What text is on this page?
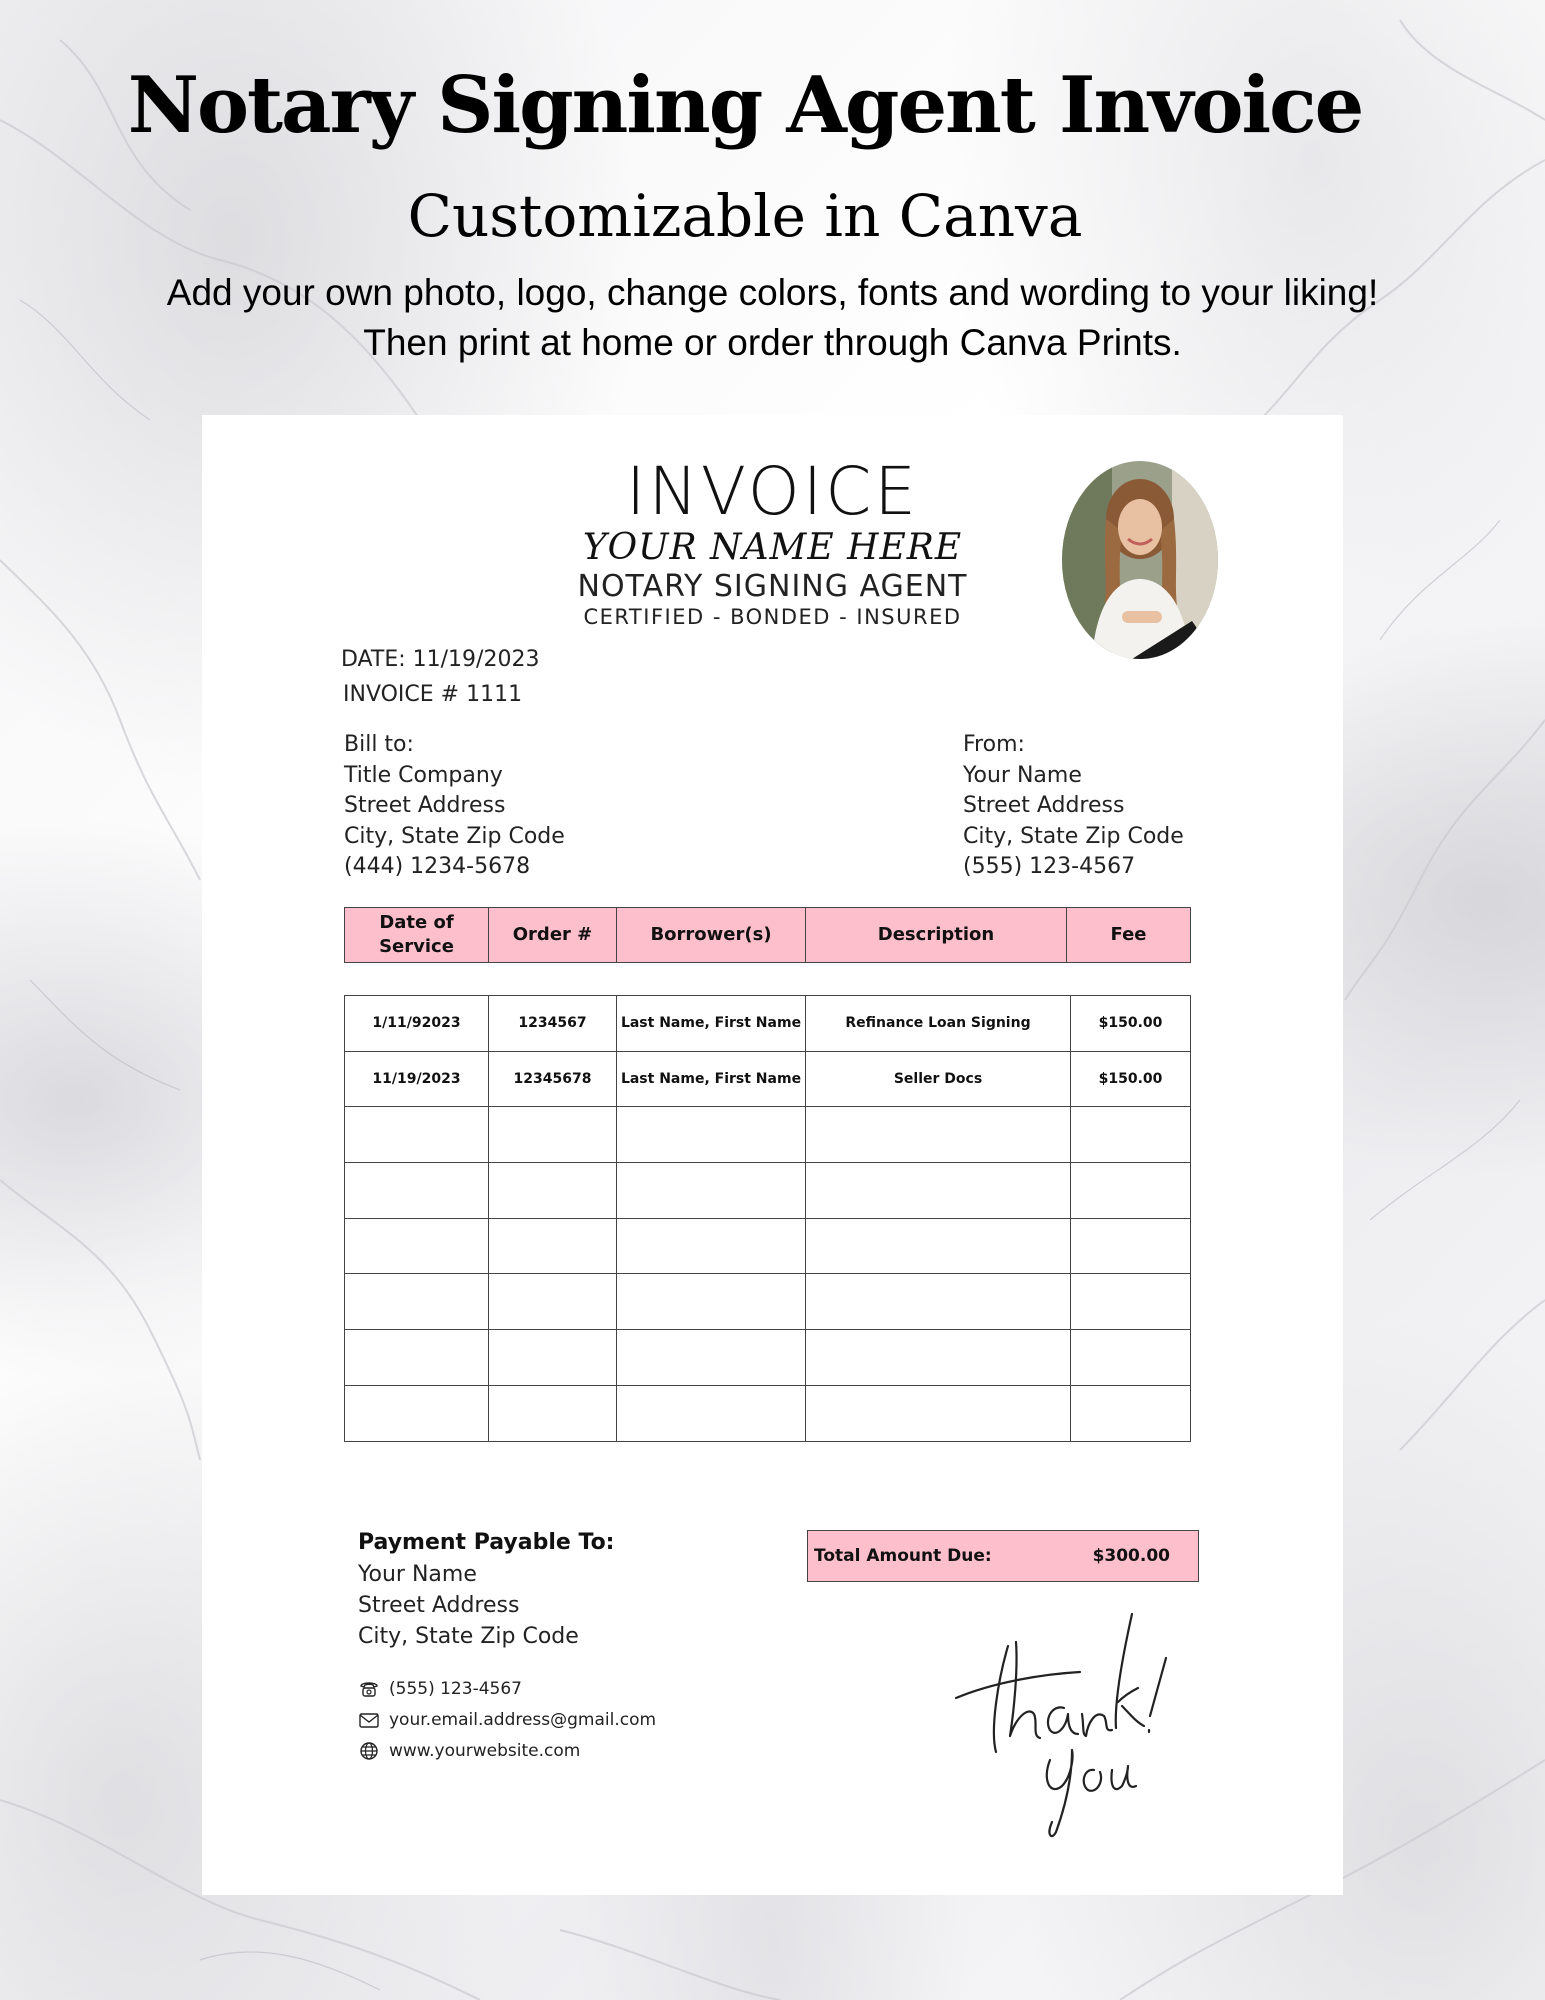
Notary Signing Agent Invoice
Customizable in Canva
Add your own photo, logo, change colors, fonts and wording to your liking!
Then print at home or order through Canva Prints.
INVOICE
YOUR NAME HERE
NOTARY SIGNING AGENT
CERTIFIED - BONDED - INSURED
DATE: 11/19/2023
INVOICE # 1111
Bill to:
Title Company
Street Address
City, State Zip Code
(444) 1234-5678
From:
Your Name
Street Address
City, State Zip Code
(555) 123-4567
Date of Service	Order #	Borrower(s)	Description	Fee
1/11/92023	1234567	Last Name, First Name	Refinance Loan Signing	$150.00
11/19/2023	12345678	Last Name, First Name	Seller Docs	$150.00

Payment Payable To:
Your Name
Street Address
City, State Zip Code
(555) 123-4567
your.email.address@gmail.com
www.yourwebsite.com
Total Amount Due:	$300.00
